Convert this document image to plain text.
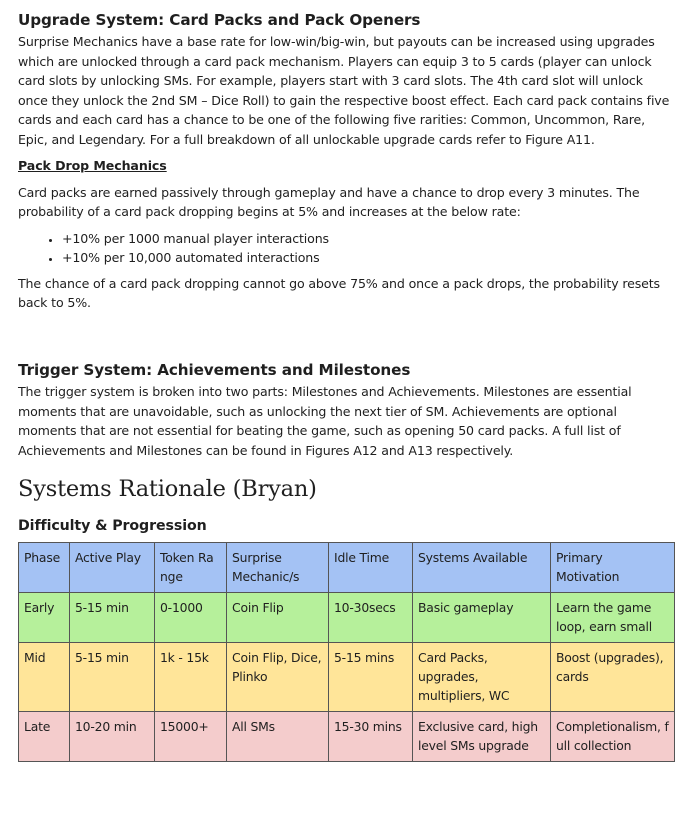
Upgrade System: Card Packs and Pack Openers

Surprise Mechanics have a base rate for low-win/big-win, but payouts can be increased using upgrades which are unlocked through a card pack mechanism. Players can equip 3 to 5 cards (player can unlock card slots by unlocking SMs. For example, players start with 3 card slots. The 4th card slot will unlock once they unlock the 2nd SM – Dice Roll) to gain the respective boost effect. Each card pack contains five cards and each card has a chance to be one of the following five rarities: Common, Uncommon, Rare, Epic, and Legendary. For a full breakdown of all unlockable upgrade cards refer to Figure A11.

Pack Drop Mechanics

Card packs are earned passively through gameplay and have a chance to drop every 3 minutes. The probability of a card pack dropping begins at 5% and increases at the below rate:

• +10% per 1000 manual player interactions
• +10% per 10,000 automated interactions

The chance of a card pack dropping cannot go above 75% and once a pack drops, the probability resets back to 5%.

Trigger System: Achievements and Milestones

The trigger system is broken into two parts: Milestones and Achievements. Milestones are essential moments that are unavoidable, such as unlocking the next tier of SM. Achievements are optional moments that are not essential for beating the game, such as opening 50 card packs. A full list of Achievements and Milestones can be found in Figures A12 and A13 respectively.

Systems Rationale (Bryan)
Difficulty & Progression
Phase	Active Play	Token Range	Surprise Mechanic/s	Idle Time	Systems Available	Primary Motivation
Early	5-15 min	0-1000	Coin Flip	10-30secs	Basic gameplay	Learn the game loop, earn small
Mid	5-15 min	1k - 15k	Coin Flip, Dice, Plinko	5-15 mins	Card Packs, upgrades, multipliers, WC	Boost (upgrades), cards
Late	10-20 min	15000+	All SMs	15-30 mins	Exclusive card, high level SMs upgrade	Completionalism, full collection
